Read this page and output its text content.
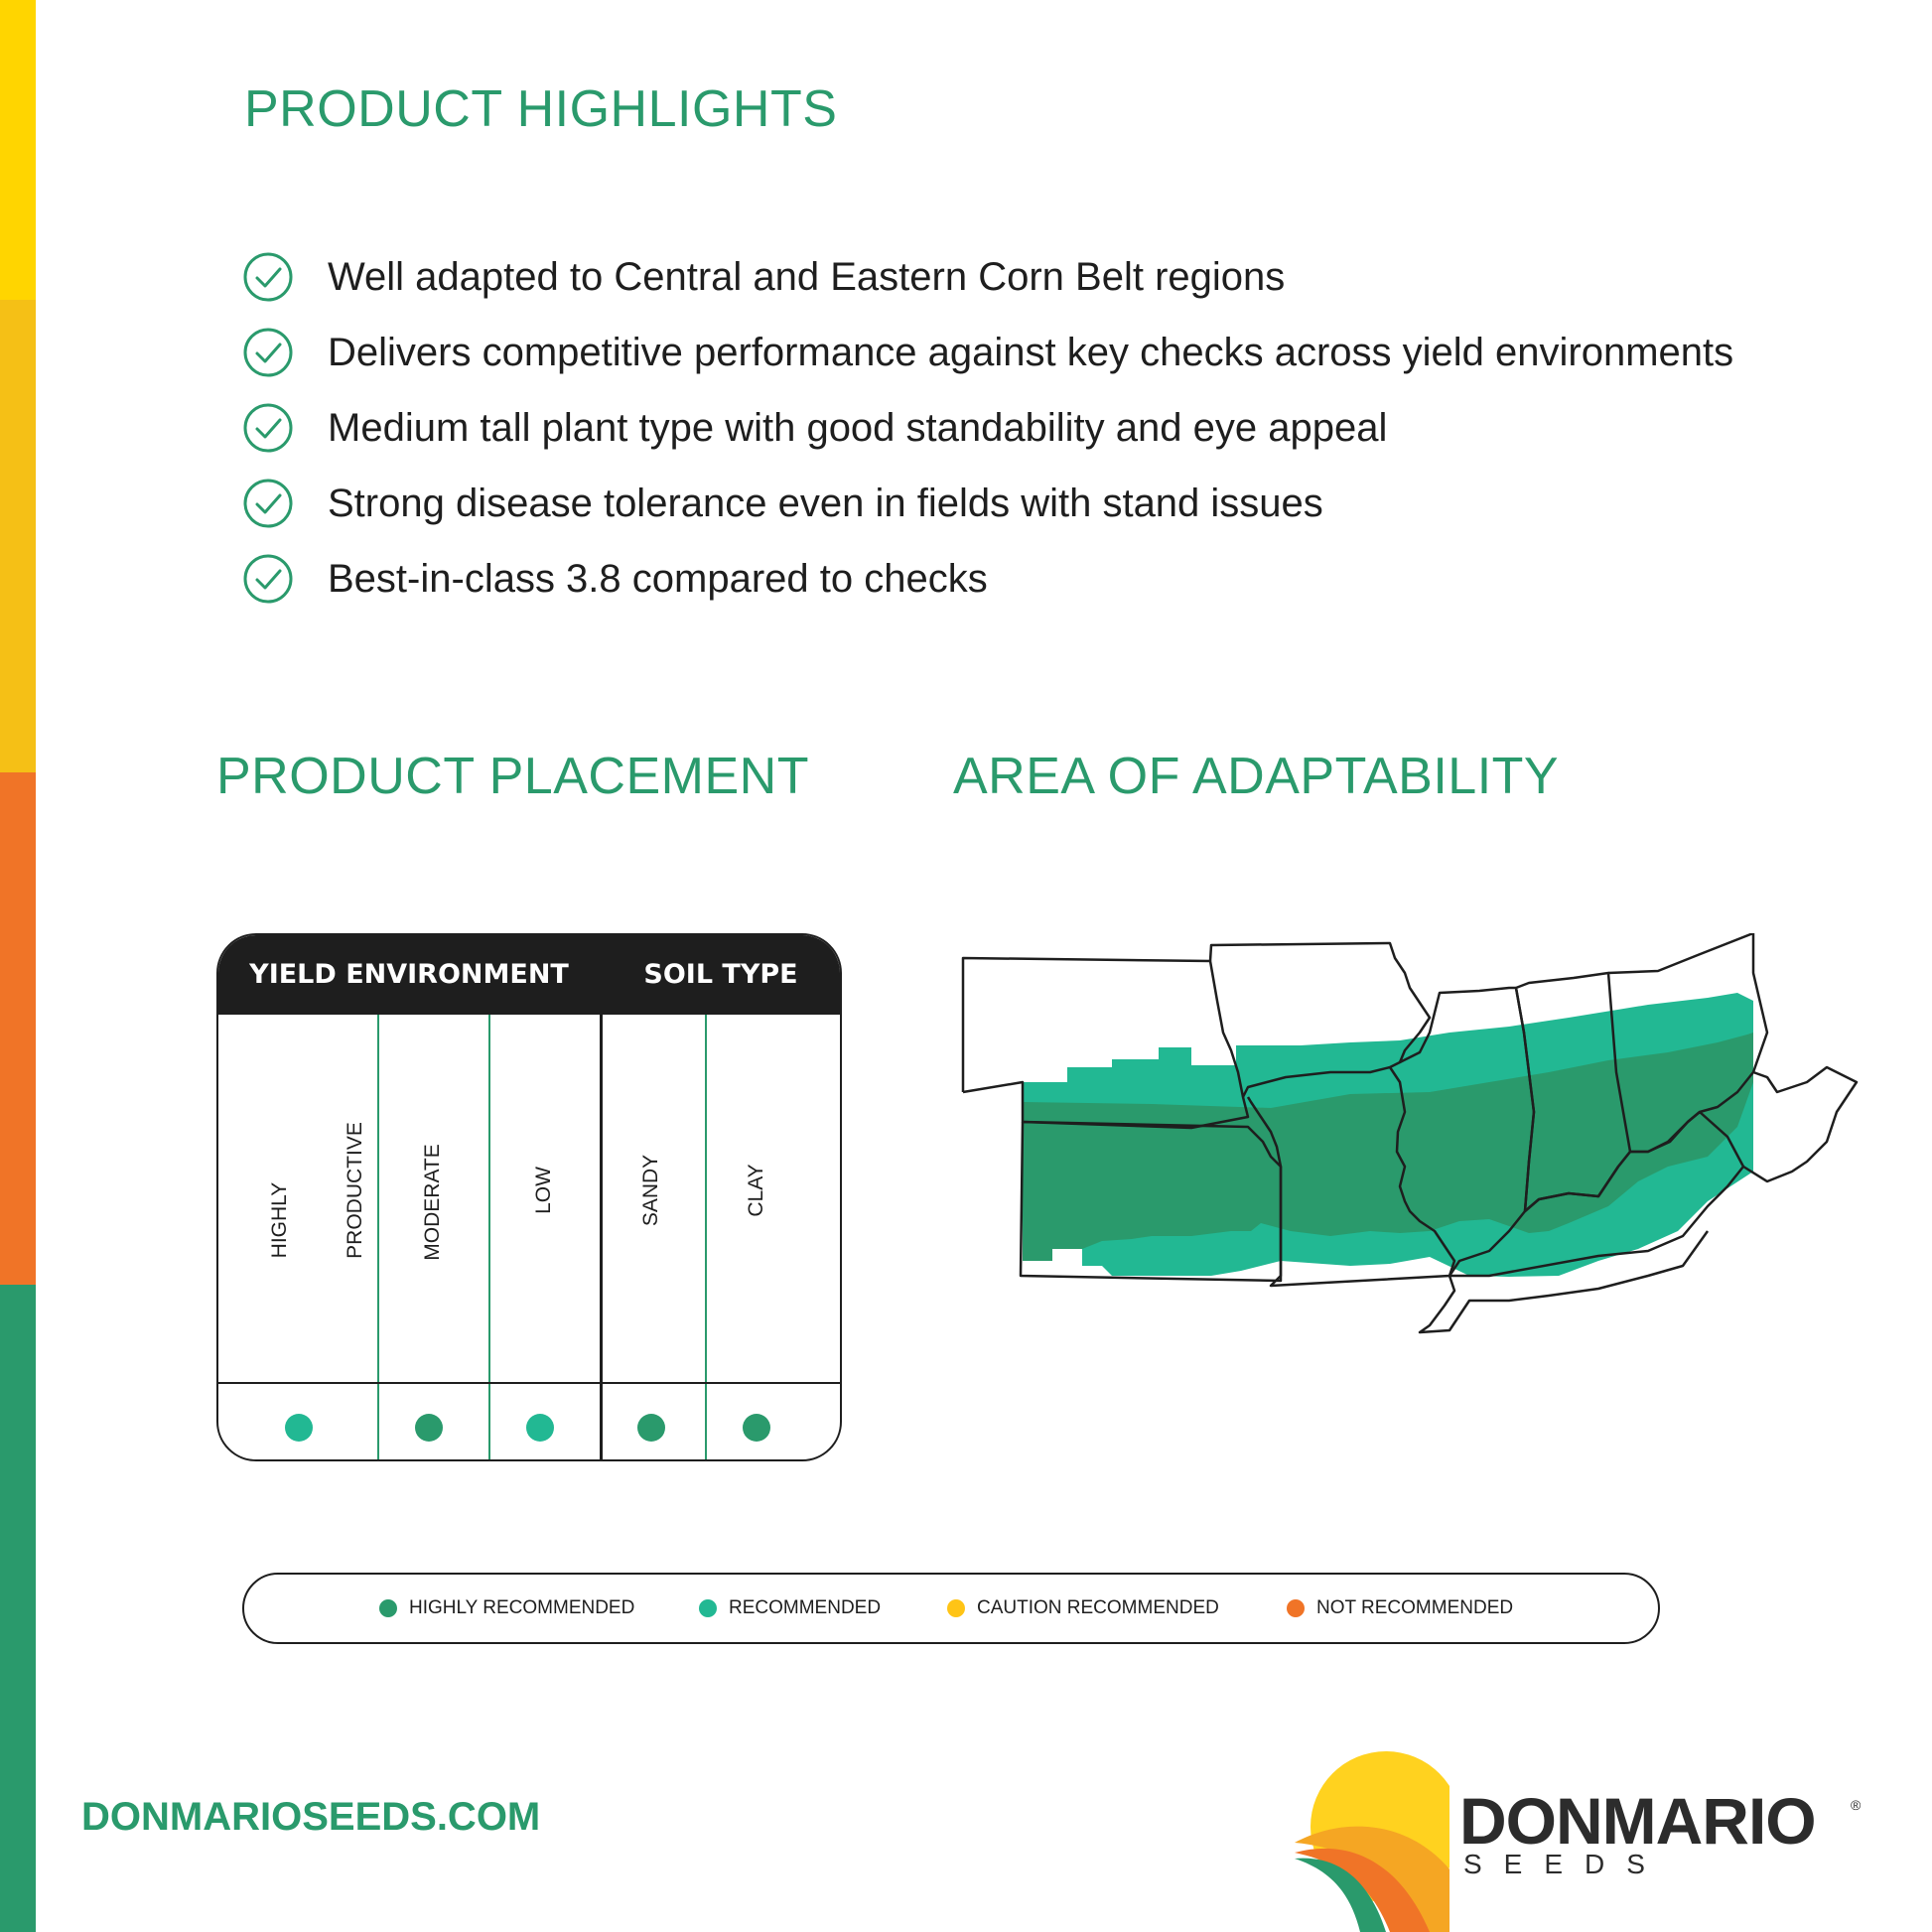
PRODUCT HIGHLIGHTS
Well adapted to Central and Eastern Corn Belt regions
Delivers competitive performance against key checks across yield environments
Medium tall plant type with good standability and eye appeal
Strong disease tolerance even in fields with stand issues
Best-in-class 3.8 compared to checks
PRODUCT PLACEMENT	AREA OF ADAPTABILITY
YIELD ENVIRONMENT	SOIL TYPE
HIGHLY	PRODUCTIVE	MODERATE	LOW	SANDY	CLAY
HIGHLY RECOMMENDED	RECOMMENDED	CAUTION RECOMMENDED	NOT RECOMMENDED
DONMARIOSEEDS.COM	DONMARIO	®
SEEDS
